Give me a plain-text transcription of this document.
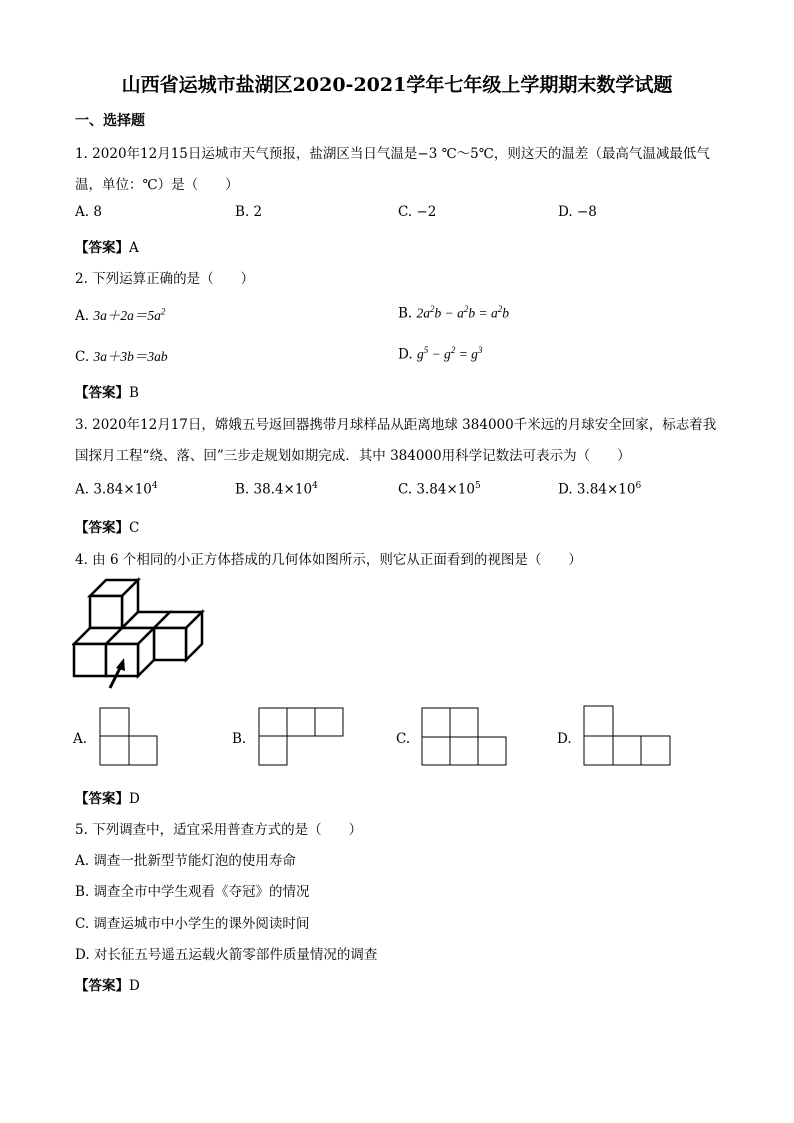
山西省运城市盐湖区2020-2021学年七年级上学期期末数学试题
一、选择题
1. 2020年12月15日运城市天气预报，盐湖区当日气温是−3 ℃～5℃，则这天的温差（最高气温减最低气
温，单位：℃）是（　　）
A. 8	B. 2	C. −2	D. −8
【答案】A
2. 下列运算正确的是（　　）
A. $3a+2a=5a^2$	B. $2a^2b - a^2b = a^2b$
C. 3a＋3b＝3ab	D. $g^5 - g^2 = g^3$
【答案】B
3. 2020年12月17日，嫦娥五号返回器携带月球样品从距离地球 384000千米远的月球安全回家，标志着我
国探月工程“绕、落、回”三步走规划如期完成．其中 384000用科学记数法可表示为（　　）
A. $3.84\times 10^4$	B. $38.4\times 10^4$	C. $3.84\times 10^5$	D. $3.84\times 10^6$
【答案】C
4. 由 6 个相同的小正方体搭成的几何体如图所示，则它从正面看到的视图是（　　）
A.	B.	C.	D.
【答案】D
5. 下列调查中，适宜采用普查方式的是（　　）
A. 调查一批新型节能灯泡的使用寿命
B. 调查全市中学生观看《夺冠》的情况
C. 调查运城市中小学生的课外阅读时间
D. 对长征五号遥五运载火箭零部件质量情况的调查
【答案】D
